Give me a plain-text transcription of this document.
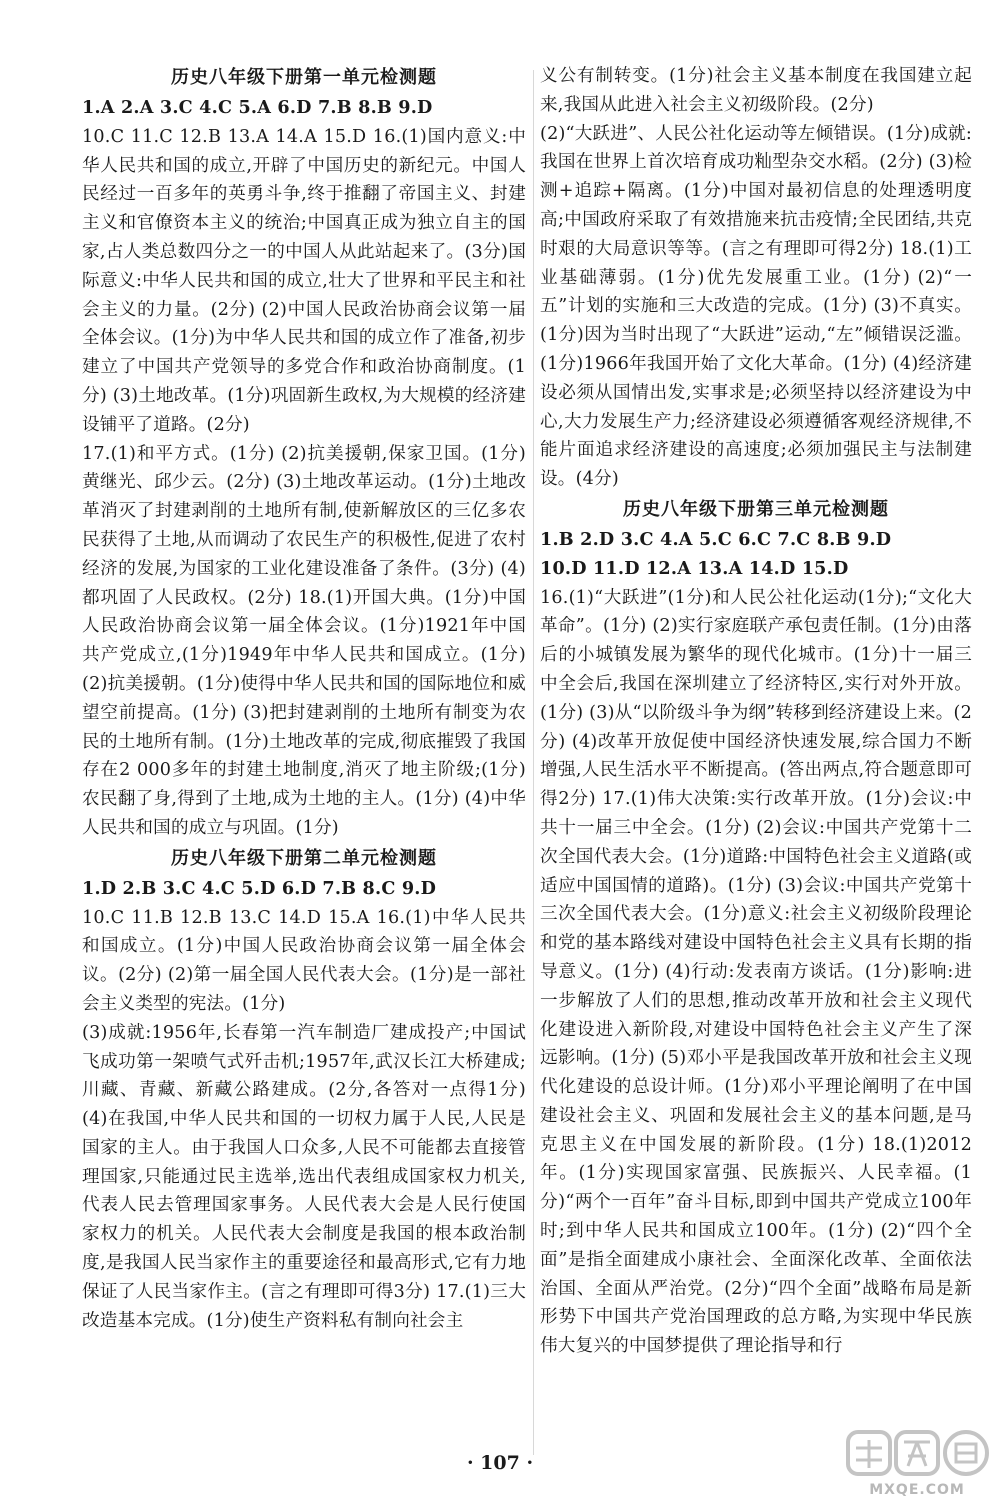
历史八年级下册第一单元检测题

1.A 2.A 3.C 4.C 5.A 6.D 7.B 8.B 9.D

10.C 11.C 12.B 13.A 14.A 15.D 16.(1)国内意义:中华人民共和国的成立,开辟了中国历史的新纪元。中国人民经过一百多年的英勇斗争,终于推翻了帝国主义、封建主义和官僚资本主义的统治;中国真正成为独立自主的国家,占人类总数四分之一的中国人从此站起来了。(3分)国际意义:中华人民共和国的成立,壮大了世界和平民主和社会主义的力量。(2分) (2)中国人民政治协商会议第一届全体会议。(1分)为中华人民共和国的成立作了准备,初步建立了中国共产党领导的多党合作和政治协商制度。(1分) (3)土地改革。(1分)巩固新生政权,为大规模的经济建设铺平了道路。(2分)

17.(1)和平方式。(1分) (2)抗美援朝,保家卫国。(1分)黄继光、邱少云。(2分) (3)土地改革运动。(1分)土地改革消灭了封建剥削的土地所有制,使新解放区的三亿多农民获得了土地,从而调动了农民生产的积极性,促进了农村经济的发展,为国家的工业化建设准备了条件。(3分) (4)都巩固了人民政权。(2分) 18.(1)开国大典。(1分)中国人民政治协商会议第一届全体会议。(1分)1921年中国共产党成立,(1分)1949年中华人民共和国成立。(1分) (2)抗美援朝。(1分)使得中华人民共和国的国际地位和威望空前提高。(1分) (3)把封建剥削的土地所有制变为农民的土地所有制。(1分)土地改革的完成,彻底摧毁了我国存在2 000多年的封建土地制度,消灭了地主阶级;(1分)农民翻了身,得到了土地,成为土地的主人。(1分) (4)中华人民共和国的成立与巩固。(1分)

历史八年级下册第二单元检测题

1.D 2.B 3.C 4.C 5.D 6.D 7.B 8.C 9.D

10.C 11.B 12.B 13.C 14.D 15.A 16.(1)中华人民共和国成立。(1分)中国人民政治协商会议第一届全体会议。(2分) (2)第一届全国人民代表大会。(1分)是一部社会主义类型的宪法。(1分)

(3)成就:1956年,长春第一汽车制造厂建成投产;中国试飞成功第一架喷气式歼击机;1957年,武汉长江大桥建成;川藏、青藏、新藏公路建成。(2分,各答对一点得1分) (4)在我国,中华人民共和国的一切权力属于人民,人民是国家的主人。由于我国人口众多,人民不可能都去直接管理国家,只能通过民主选举,选出代表组成国家权力机关,代表人民去管理国家事务。人民代表大会是人民行使国家权力的机关。人民代表大会制度是我国的根本政治制度,是我国人民当家作主的重要途径和最高形式,它有力地保证了人民当家作主。(言之有理即可得3分) 17.(1)三大改造基本完成。(1分)使生产资料私有制向社会主

义公有制转变。(1分)社会主义基本制度在我国建立起来,我国从此进入社会主义初级阶段。(2分)

(2)“大跃进”、人民公社化运动等左倾错误。(1分)成就:我国在世界上首次培育成功籼型杂交水稻。(2分) (3)检测+追踪+隔离。(1分)中国对最初信息的处理透明度高;中国政府采取了有效措施来抗击疫情;全民团结,共克时艰的大局意识等等。(言之有理即可得2分) 18.(1)工业基础薄弱。(1分)优先发展重工业。(1分) (2)“一五”计划的实施和三大改造的完成。(1分) (3)不真实。(1分)因为当时出现了“大跃进”运动,“左”倾错误泛滥。(1分)1966年我国开始了文化大革命。(1分) (4)经济建设必须从国情出发,实事求是;必须坚持以经济建设为中心,大力发展生产力;经济建设必须遵循客观经济规律,不能片面追求经济建设的高速度;必须加强民主与法制建设。(4分)

历史八年级下册第三单元检测题

1.B 2.D 3.C 4.A 5.C 6.C 7.C 8.B 9.D

10.D 11.D 12.A 13.A 14.D 15.D

16.(1)“大跃进”(1分)和人民公社化运动(1分);“文化大革命”。(1分) (2)实行家庭联产承包责任制。(1分)由落后的小城镇发展为繁华的现代化城市。(1分)十一届三中全会后,我国在深圳建立了经济特区,实行对外开放。(1分) (3)从“以阶级斗争为纲”转移到经济建设上来。(2分) (4)改革开放促使中国经济快速发展,综合国力不断增强,人民生活水平不断提高。(答出两点,符合题意即可得2分) 17.(1)伟大决策:实行改革开放。(1分)会议:中共十一届三中全会。(1分) (2)会议:中国共产党第十二次全国代表大会。(1分)道路:中国特色社会主义道路(或适应中国国情的道路)。(1分) (3)会议:中国共产党第十三次全国代表大会。(1分)意义:社会主义初级阶段理论和党的基本路线对建设中国特色社会主义具有长期的指导意义。(1分) (4)行动:发表南方谈话。(1分)影响:进一步解放了人们的思想,推动改革开放和社会主义现代化建设进入新阶段,对建设中国特色社会主义产生了深远影响。(1分) (5)邓小平是我国改革开放和社会主义现代化建设的总设计师。(1分)邓小平理论阐明了在中国建设社会主义、巩固和发展社会主义的基本问题,是马克思主义在中国发展的新阶段。(1分) 18.(1)2012年。(1分)实现国家富强、民族振兴、人民幸福。(1分)“两个一百年”奋斗目标,即到中国共产党成立100年时;到中华人民共和国成立100年。(1分) (2)“四个全面”是指全面建成小康社会、全面深化改革、全面依法治国、全面从严治党。(2分)“四个全面”战略布局是新形势下中国共产党治国理政的总方略,为实现中华民族伟大复兴的中国梦提供了理论指导和行

· 107 ·
MXQE.COM
